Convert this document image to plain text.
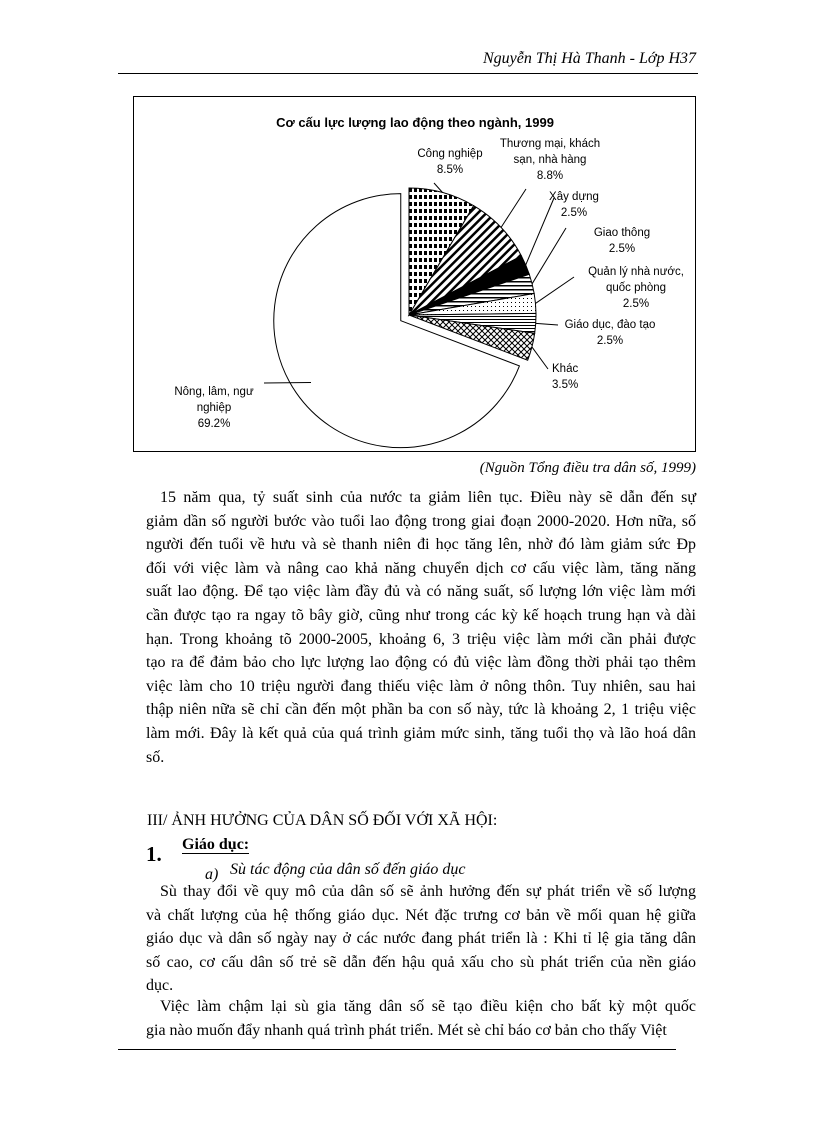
Nguyễn Thị Hà Thanh - Lớp H37
Cơ cấu lực lượng lao động theo ngành, 1999
Nông, lâm, ngư
nghiệp
69.2%
Công nghiệp
8.5%
Thương mại, khách
sạn, nhà hàng
8.8%
Xây dựng
2.5%
Giao thông
2.5%
Quản lý nhà nước,
quốc phòng
2.5%
Giáo dục, đào tạo
2.5%
Khác
3.5%
(Nguồn Tổng điều tra dân số, 1999)
15 năm qua, tỷ suất sinh của nước ta giảm liên tục. Điều này sẽ dẫn đến sự
giảm dần số người bước vào tuổi lao động trong giai đoạn 2000-2020. Hơn nữa, số
người đến tuổi về hưu và sè thanh niên đi học tăng lên, nhờ đó làm giảm sức Đp
đối với việc làm và nâng cao khả năng chuyển dịch cơ cấu việc làm, tăng năng
suất lao động. Để tạo việc làm đầy đủ và có năng suất, số lượng lớn việc làm mới
cần được tạo ra ngay tõ bây giờ, cũng như trong các kỳ kế hoạch trung hạn và dài
hạn. Trong khoảng tõ 2000-2005, khoảng 6, 3 triệu việc làm mới cần phải được
tạo ra để đảm bảo cho lực lượng lao động có đủ việc làm đồng thời phải tạo thêm
việc làm cho 10 triệu người đang thiếu việc làm ở nông thôn. Tuy nhiên, sau hai
thập niên nữa sẽ chỉ cần đến một phần ba con số này, tức là khoảng 2, 1 triệu việc
làm mới. Đây là kết quả của quá trình giảm mức sinh, tăng tuổi thọ và lão hoá dân
số.
III/ ẢNH HƯỞNG CỦA DÂN SỐ ĐỐI VỚI XÃ HỘI:
1. Giáo dục:
a) Sù tác động của dân số đến giáo dục
Sù thay đổi về quy mô của dân số sẽ ảnh hưởng đến sự phát triển về số lượng
và chất lượng của hệ thống giáo dục. Nét đặc trưng cơ bản về mối quan hệ giữa
giáo dục và dân số ngày nay ở các nước đang phát triển là : Khi tỉ lệ gia tăng dân
số cao, cơ cấu dân số trẻ sẽ dẫn đến hậu quả xấu cho sù phát triển của nền giáo
dục.
Việc làm chậm lại sù gia tăng dân số sẽ tạo điều kiện cho bất kỳ một quốc
gia nào muốn đẩy nhanh quá trình phát triển. Mét sè chỉ báo cơ bản cho thấy Việt
